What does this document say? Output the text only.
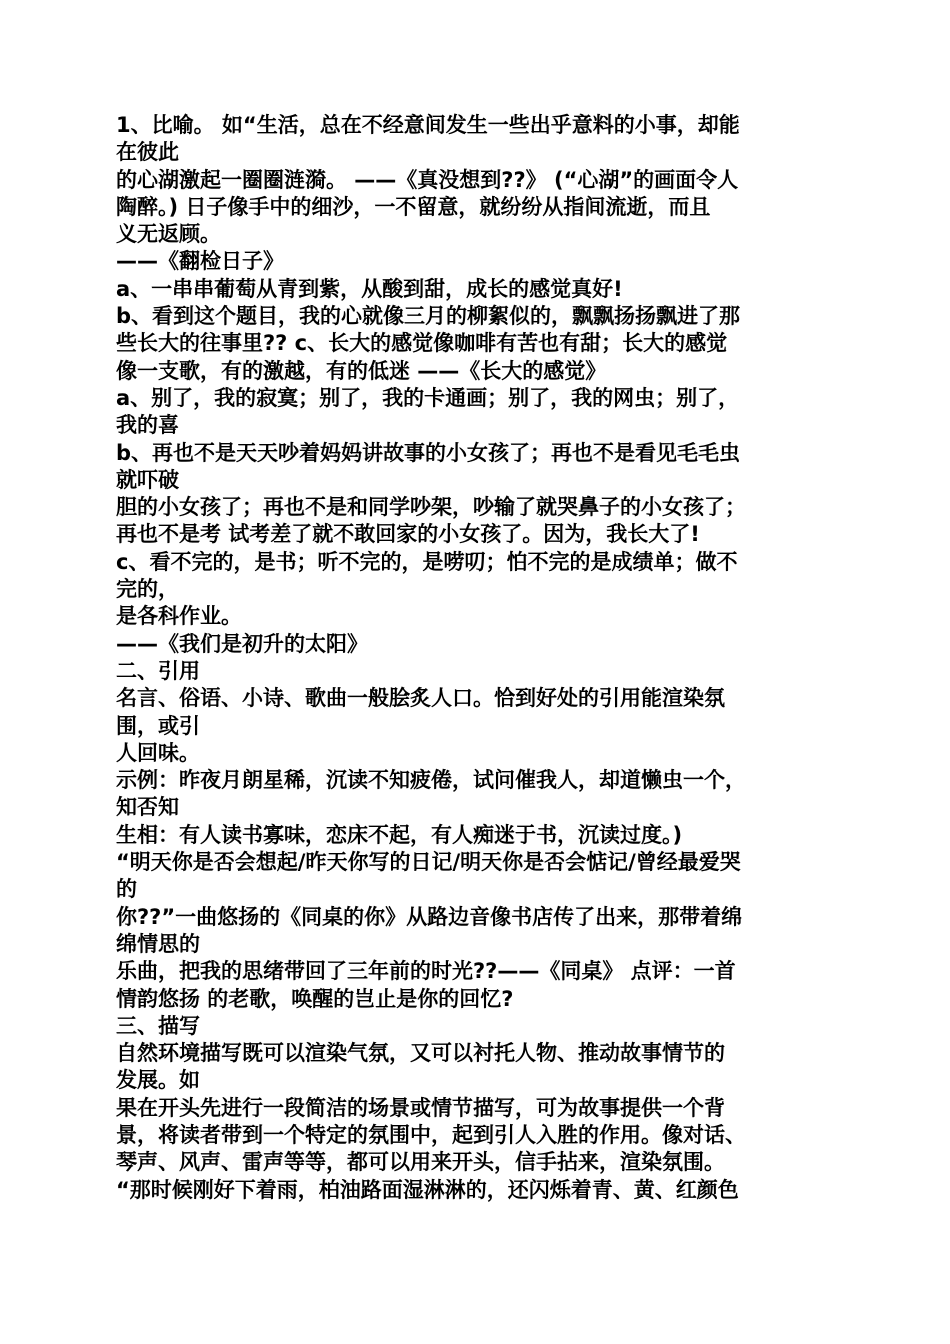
1、比喻。 如“生活，总在不经意间发生一些出乎意料的小事，却能
在彼此
的心湖激起一圈圈涟漪。 ——《真没想到??》 (“心湖”的画面令人
陶醉。) 日子像手中的细沙，一不留意，就纷纷从指间流逝，而且
义无返顾。
——《翻检日子》
a、一串串葡萄从青到紫，从酸到甜，成长的感觉真好!
b、看到这个题目，我的心就像三月的柳絮似的，飘飘扬扬飘进了那
些长大的往事里?? c、长大的感觉像咖啡有苦也有甜；长大的感觉
像一支歌，有的激越，有的低迷 ——《长大的感觉》
a、别了，我的寂寞；别了，我的卡通画；别了，我的网虫；别了，
我的喜
b、再也不是天天吵着妈妈讲故事的小女孩了；再也不是看见毛毛虫
就吓破
胆的小女孩了；再也不是和同学吵架，吵输了就哭鼻子的小女孩了；
再也不是考 试考差了就不敢回家的小女孩了。因为，我长大了!
c、看不完的，是书；听不完的，是唠叨；怕不完的是成绩单；做不
完的，
是各科作业。
——《我们是初升的太阳》
二、引用
名言、俗语、小诗、歌曲一般脍炙人口。恰到好处的引用能渲染氛
围，或引
人回味。
示例：昨夜月朗星稀，沉读不知疲倦，试问催我人，却道懒虫一个，
知否知
生相：有人读书寡味，恋床不起，有人痴迷于书，沉读过度。)
“明天你是否会想起/昨天你写的日记/明天你是否会惦记/曾经最爱哭
的
你??”一曲悠扬的《同桌的你》从路边音像书店传了出来，那带着绵
绵情思的
乐曲，把我的思绪带回了三年前的时光??——《同桌》 点评：一首
情韵悠扬 的老歌，唤醒的岂止是你的回忆?
三、描写
自然环境描写既可以渲染气氛，又可以衬托人物、推动故事情节的
发展。如
果在开头先进行一段简洁的场景或情节描写，可为故事提供一个背
景，将读者带到一个特定的氛围中，起到引人入胜的作用。像对话、
琴声、风声、雷声等等，都可以用来开头，信手拈来，渲染氛围。
“那时候刚好下着雨，柏油路面湿淋淋的，还闪烁着青、黄、红颜色
